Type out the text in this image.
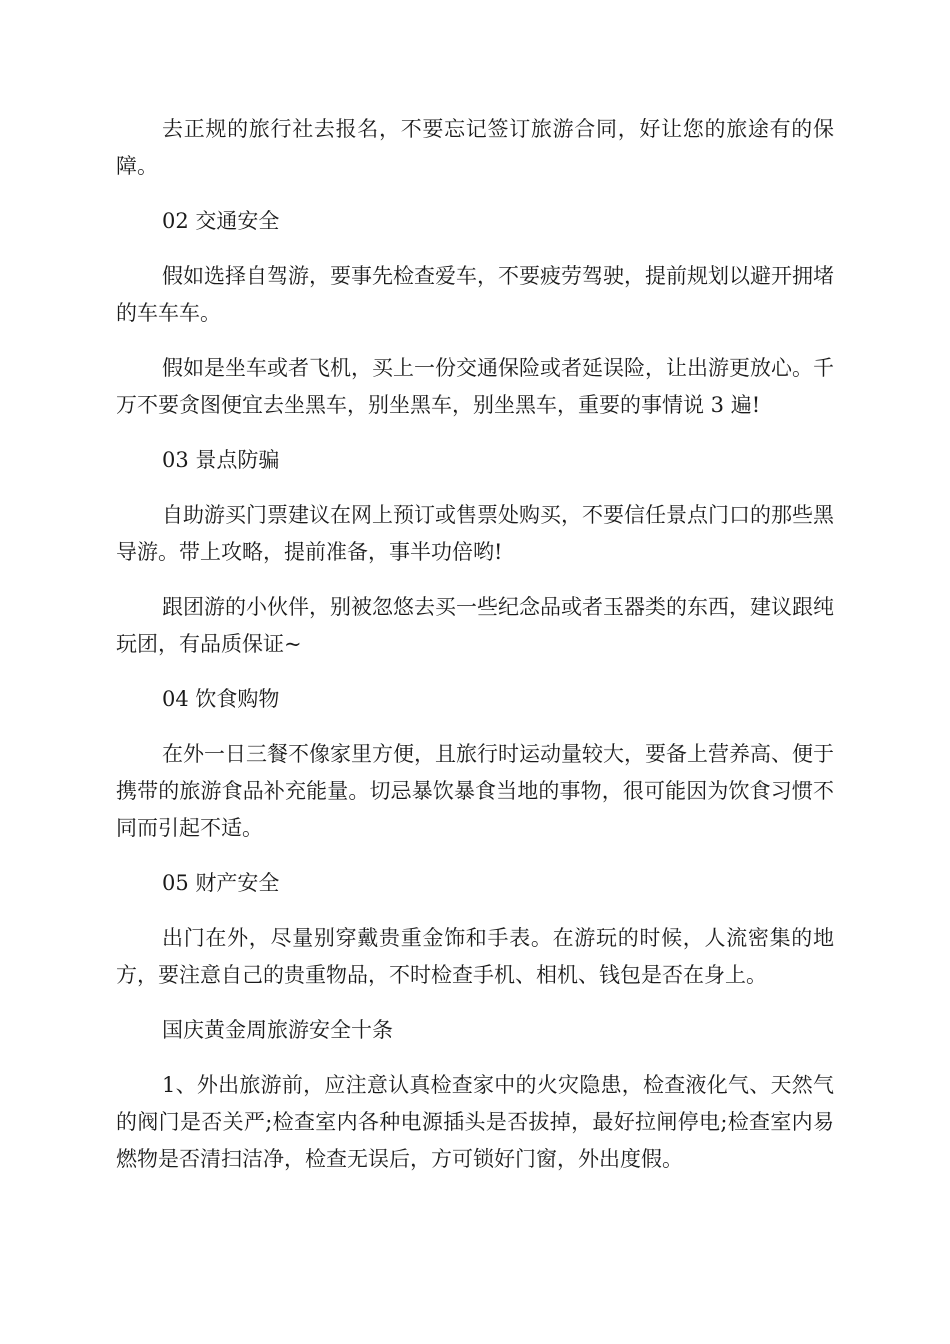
去正规的旅行社去报名，不要忘记签订旅游合同，好让您的旅途有的保障。

02 交通安全

假如选择自驾游，要事先检查爱车，不要疲劳驾驶，提前规划以避开拥堵的车车车。

假如是坐车或者飞机，买上一份交通保险或者延误险，让出游更放心。千万不要贪图便宜去坐黑车，别坐黑车，别坐黑车，重要的事情说 3 遍!

03 景点防骗

自助游买门票建议在网上预订或售票处购买，不要信任景点门口的那些黑导游。带上攻略，提前准备，事半功倍哟!

跟团游的小伙伴，别被忽悠去买一些纪念品或者玉器类的东西，建议跟纯玩团，有品质保证~

04 饮食购物

在外一日三餐不像家里方便，且旅行时运动量较大，要备上营养高、便于携带的旅游食品补充能量。切忌暴饮暴食当地的事物，很可能因为饮食习惯不同而引起不适。

05 财产安全

出门在外，尽量别穿戴贵重金饰和手表。在游玩的时候，人流密集的地方，要注意自己的贵重物品，不时检查手机、相机、钱包是否在身上。

国庆黄金周旅游安全十条

1、外出旅游前，应注意认真检查家中的火灾隐患，检查液化气、天然气的阀门是否关严;检查室内各种电源插头是否拔掉，最好拉闸停电;检查室内易燃物是否清扫洁净，检查无误后，方可锁好门窗，外出度假。
